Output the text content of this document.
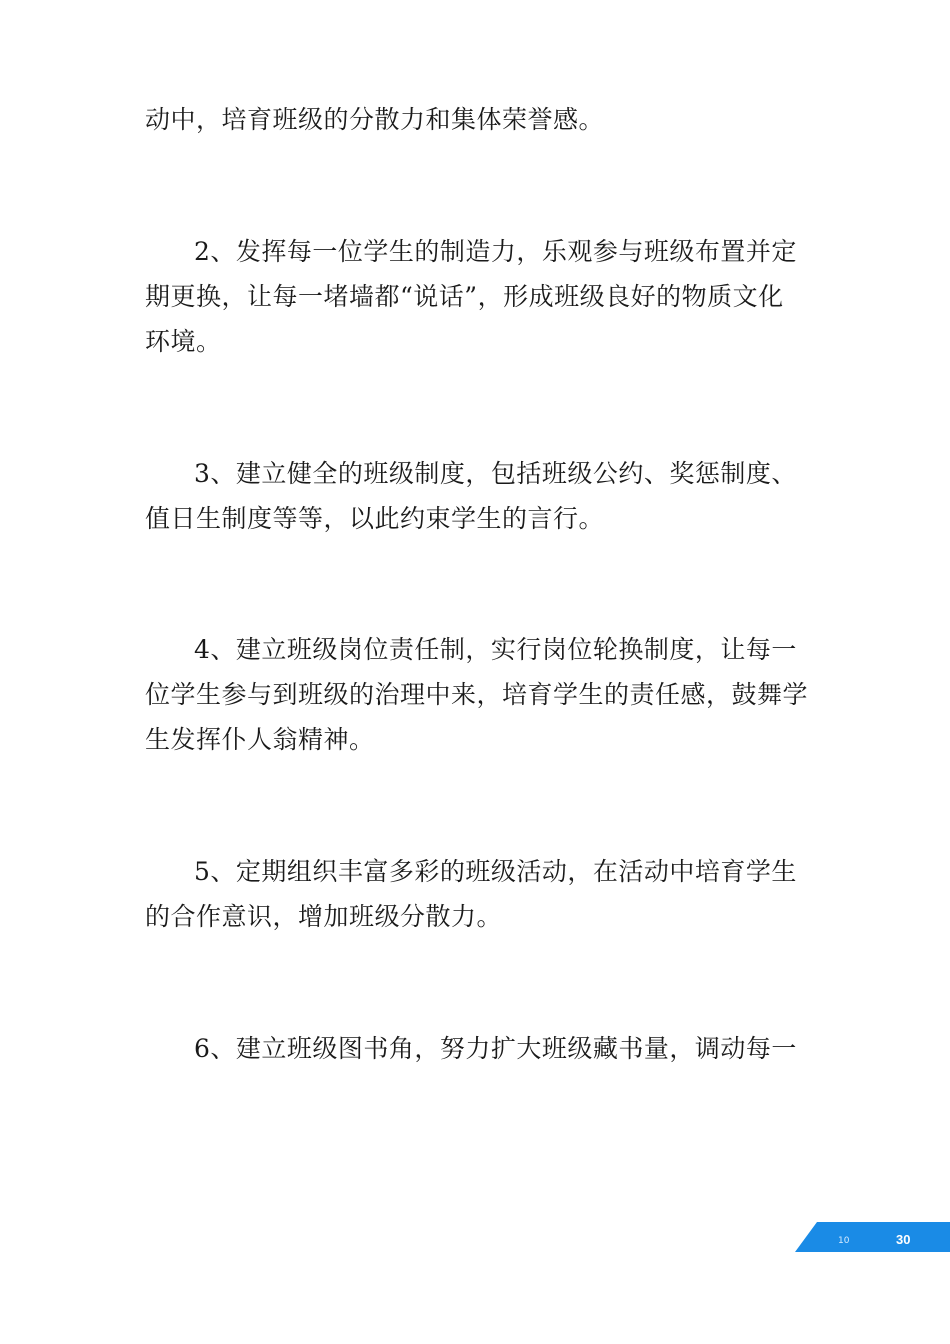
动中，培育班级的分散力和集体荣誉感。
2、发挥每一位学生的制造力，乐观参与班级布置并定
期更换，让每一堵墙都“说话”，形成班级良好的物质文化
环境。
3、建立健全的班级制度，包括班级公约、奖惩制度、
值日生制度等等，以此约束学生的言行。
4、建立班级岗位责任制，实行岗位轮换制度，让每一
位学生参与到班级的治理中来，培育学生的责任感，鼓舞学
生发挥仆人翁精神。
5、定期组织丰富多彩的班级活动，在活动中培育学生
的合作意识，增加班级分散力。
6、建立班级图书角，努力扩大班级藏书量，调动每一
10	30
